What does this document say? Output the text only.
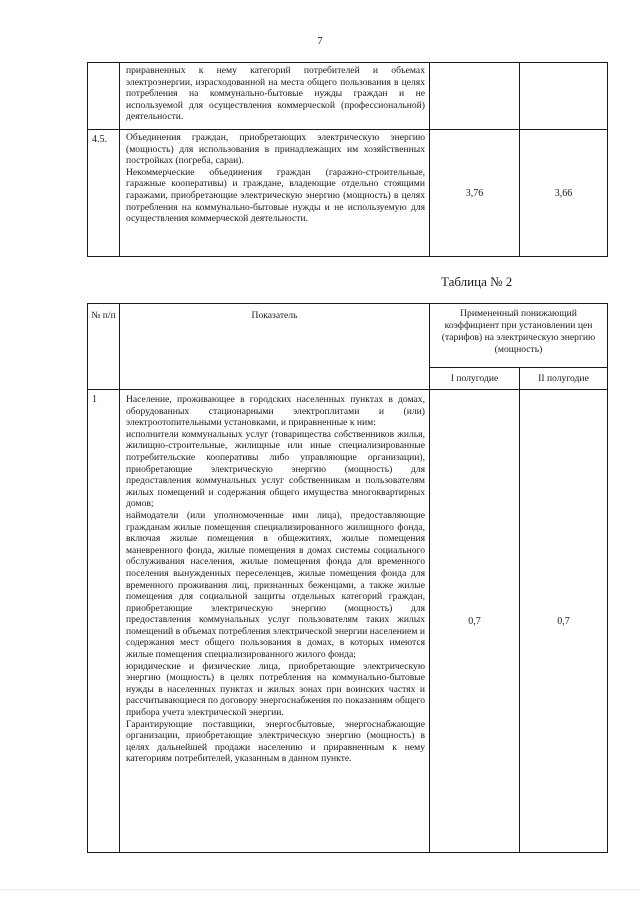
7

	приравненных к нему категорий потребителей и объемах электроэнергии, израсходованной на места общего пользования в целях потребления на коммунально-бытовые нужды граждан и не используемой для осуществления коммерческой (профессиональной) деятельности.		

4.5.	Объединения граждан, приобретающих электрическую энергию (мощность) для использования в принадлежащих им хозяйственных постройках (погреба, сараи).

Некоммерческие объединения граждан (гаражно-строительные, гаражные кооперативы) и граждане, владеющие отдельно стоящими гаражами, приобретающие электрическую энергию (мощность) в целях потребления на коммунально-бытовые нужды и не используемую для осуществления коммерческой деятельности.	3,76	3,66
Таблица № 2
№ п/п	Показатель	Примененный понижающий коэффициент при установлении цен (тарифов) на электрическую энергию (мощность)	
		I полугодие	II полугодие
1	Население, проживающее в городских населенных пунктах в домах, оборудованных стационарными электроплитами и (или) электроотопительными установками, и приравненные к ним:

исполнители коммунальных услуг (товарищества собственников жилья, жилищно-строительные, жилищные или иные специализированные потребительские кооперативы либо управляющие организации), приобретающие электрическую энергию (мощность) для предоставления коммунальных услуг собственникам и пользователям жилых помещений и содержания общего имущества многоквартирных домов;

наймодатели (или уполномоченные ими лица), предоставляющие гражданам жилые помещения специализированного жилищного фонда, включая жилые помещения в общежитиях, жилые помещения маневренного фонда, жилые помещения в домах системы социального обслуживания населения, жилые помещения фонда для временного поселения вынужденных переселенцев, жилые помещения фонда для временного проживания лиц, признанных беженцами, а также жилые помещения для социальной защиты отдельных категорий граждан, приобретающие электрическую энергию (мощность) для предоставления коммунальных услуг пользователям таких жилых помещений в объемах потребления электрической энергии населением и содержания мест общего пользования в домах, в которых имеются жилые помещения специализированного жилого фонда;

юридические и физические лица, приобретающие электрическую энергию (мощность) в целях потребления на коммунально-бытовые нужды в населенных пунктах и жилых зонах при воинских частях и рассчитывающиеся по договору энергоснабжения по показаниям общего прибора учета электрической энергии.

Гарантирующие поставщики, энергосбытовые, энергоснабжающие организации, приобретающие электрическую энергию (мощность) в целях дальнейшей продажи населению и приравненным к нему категориям потребителей, указанным в данном пункте.	0,7	0,7
